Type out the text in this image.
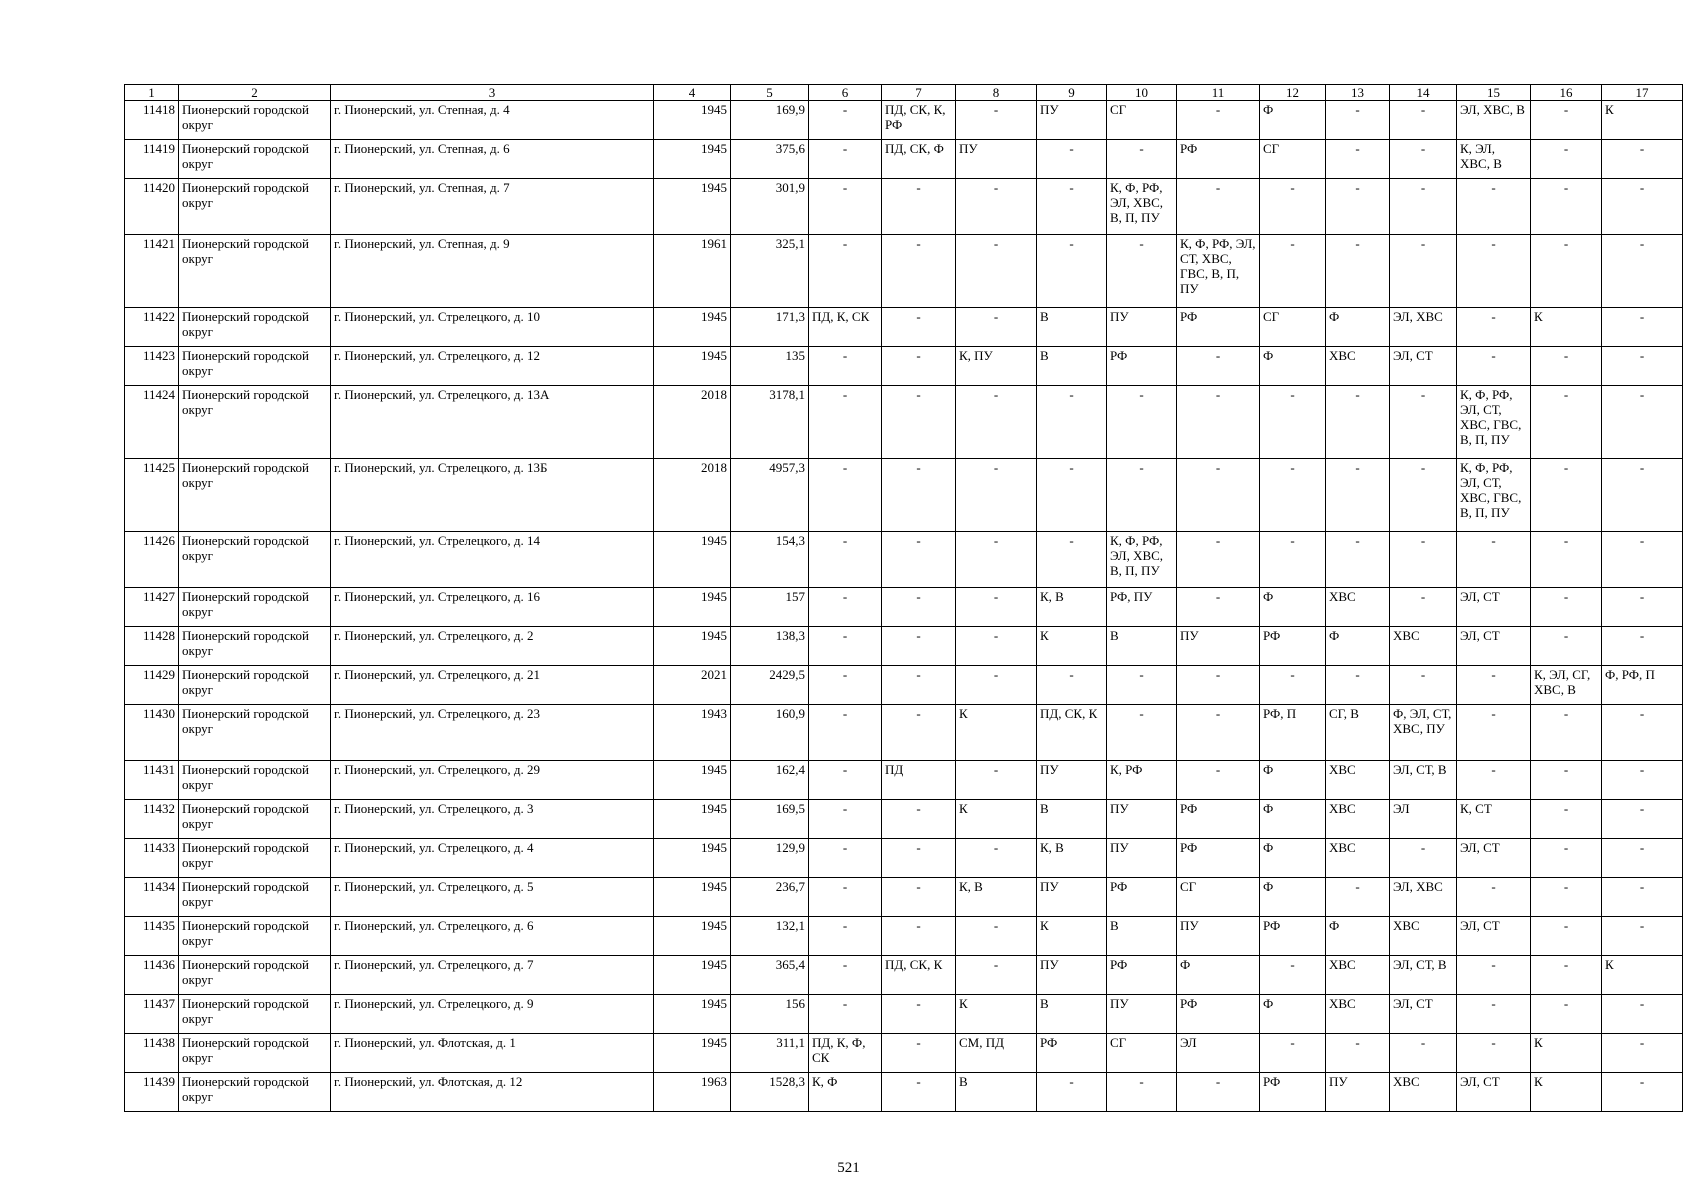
1	2	3	4	5	6	7	8	9	10	11	12	13	14	15	16	17
11418	Пионерский городской округ	г. Пионерский, ул. Степная, д. 4	1945	169,9	-	ПД, СК, К, РФ	-	ПУ	СГ	-	Ф	-	-	ЭЛ, ХВС, В	-	К
11419	Пионерский городской округ	г. Пионерский, ул. Степная, д. 6	1945	375,6	-	ПД, СК, Ф	ПУ	-	-	РФ	СГ	-	-	К, ЭЛ, ХВС, В	-	-
11420	Пионерский городской округ	г. Пионерский, ул. Степная, д. 7	1945	301,9	-	-	-	-	К, Ф, РФ, ЭЛ, ХВС, В, П, ПУ	-	-	-	-	-	-	-
11421	Пионерский городской округ	г. Пионерский, ул. Степная, д. 9	1961	325,1	-	-	-	-	-	К, Ф, РФ, ЭЛ, СТ, ХВС, ГВС, В, П, ПУ	-	-	-	-	-	-
11422	Пионерский городской округ	г. Пионерский, ул. Стрелецкого, д. 10	1945	171,3	ПД, К, СК	-	-	В	ПУ	РФ	СГ	Ф	ЭЛ, ХВС	-	К	-
11423	Пионерский городской округ	г. Пионерский, ул. Стрелецкого, д. 12	1945	135	-	-	К, ПУ	В	РФ	-	Ф	ХВС	ЭЛ, СТ	-	-	-
11424	Пионерский городской округ	г. Пионерский, ул. Стрелецкого, д. 13А	2018	3178,1	-	-	-	-	-	-	-	-	-	К, Ф, РФ, ЭЛ, СТ, ХВС, ГВС, В, П, ПУ	-	-
11425	Пионерский городской округ	г. Пионерский, ул. Стрелецкого, д. 13Б	2018	4957,3	-	-	-	-	-	-	-	-	-	К, Ф, РФ, ЭЛ, СТ, ХВС, ГВС, В, П, ПУ	-	-
11426	Пионерский городской округ	г. Пионерский, ул. Стрелецкого, д. 14	1945	154,3	-	-	-	-	К, Ф, РФ, ЭЛ, ХВС, В, П, ПУ	-	-	-	-	-	-	-
11427	Пионерский городской округ	г. Пионерский, ул. Стрелецкого, д. 16	1945	157	-	-	-	К, В	РФ, ПУ	-	Ф	ХВС	-	ЭЛ, СТ	-	-
11428	Пионерский городской округ	г. Пионерский, ул. Стрелецкого, д. 2	1945	138,3	-	-	-	К	В	ПУ	РФ	Ф	ХВС	ЭЛ, СТ	-	-
11429	Пионерский городской округ	г. Пионерский, ул. Стрелецкого, д. 21	2021	2429,5	-	-	-	-	-	-	-	-	-	-	К, ЭЛ, СГ, ХВС, В	Ф, РФ, П
11430	Пионерский городской округ	г. Пионерский, ул. Стрелецкого, д. 23	1943	160,9	-	-	К	ПД, СК, К	-	-	РФ, П	СГ, В	Ф, ЭЛ, СТ, ХВС, ПУ	-	-	-
11431	Пионерский городской округ	г. Пионерский, ул. Стрелецкого, д. 29	1945	162,4	-	ПД	-	ПУ	К, РФ	-	Ф	ХВС	ЭЛ, СТ, В	-	-	-
11432	Пионерский городской округ	г. Пионерский, ул. Стрелецкого, д. 3	1945	169,5	-	-	К	В	ПУ	РФ	Ф	ХВС	ЭЛ	К, СТ	-	-
11433	Пионерский городской округ	г. Пионерский, ул. Стрелецкого, д. 4	1945	129,9	-	-	-	К, В	ПУ	РФ	Ф	ХВС	-	ЭЛ, СТ	-	-
11434	Пионерский городской округ	г. Пионерский, ул. Стрелецкого, д. 5	1945	236,7	-	-	К, В	ПУ	РФ	СГ	Ф	-	ЭЛ, ХВС	-	-	-
11435	Пионерский городской округ	г. Пионерский, ул. Стрелецкого, д. 6	1945	132,1	-	-	-	К	В	ПУ	РФ	Ф	ХВС	ЭЛ, СТ	-	-
11436	Пионерский городской округ	г. Пионерский, ул. Стрелецкого, д. 7	1945	365,4	-	ПД, СК, К	-	ПУ	РФ	Ф	-	ХВС	ЭЛ, СТ, В	-	-	К
11437	Пионерский городской округ	г. Пионерский, ул. Стрелецкого, д. 9	1945	156	-	-	К	В	ПУ	РФ	Ф	ХВС	ЭЛ, СТ	-	-	-
11438	Пионерский городской округ	г. Пионерский, ул. Флотская, д. 1	1945	311,1	ПД, К, Ф, СК	-	СМ, ПД	РФ	СГ	ЭЛ	-	-	-	-	К	-
11439	Пионерский городской округ	г. Пионерский, ул. Флотская, д. 12	1963	1528,3	К, Ф	-	В	-	-	-	РФ	ПУ	ХВС	ЭЛ, СТ	К	-
521
